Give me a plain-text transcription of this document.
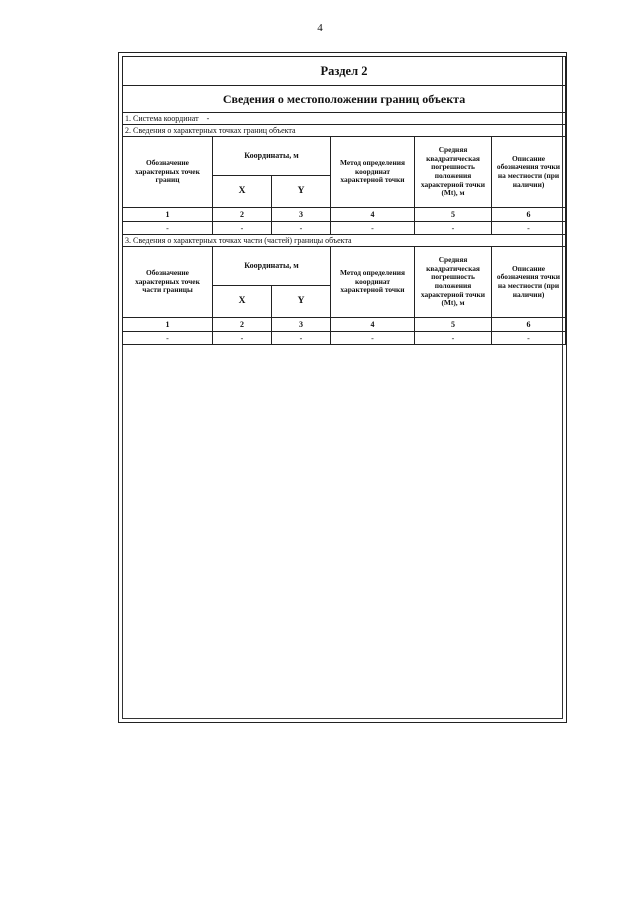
4
Раздел 2					
Сведения о местоположении границ объекта					
1. Система координат -					
2. Сведения о характерных точках границ объекта					
Обозначение характерных точек границ	Координаты, м		Метод определения координат характерной точки	Средняя квадратическая погрешность положения характерной точки (Mt), м	Описание обозначения точки на местности (при наличии)
	X	Y			
1	2	3	4	5	6
-	-	-	-	-	-
3. Сведения о характерных точках части (частей) границы объекта					
Обозначение характерных точек части границы	Координаты, м		Метод определения координат характерной точки	Средняя квадратическая погрешность положения характерной точки (Mt), м	Описание обозначения точки на местности (при наличии)
	X	Y			
1	2	3	4	5	6
-	-	-	-	-	-
